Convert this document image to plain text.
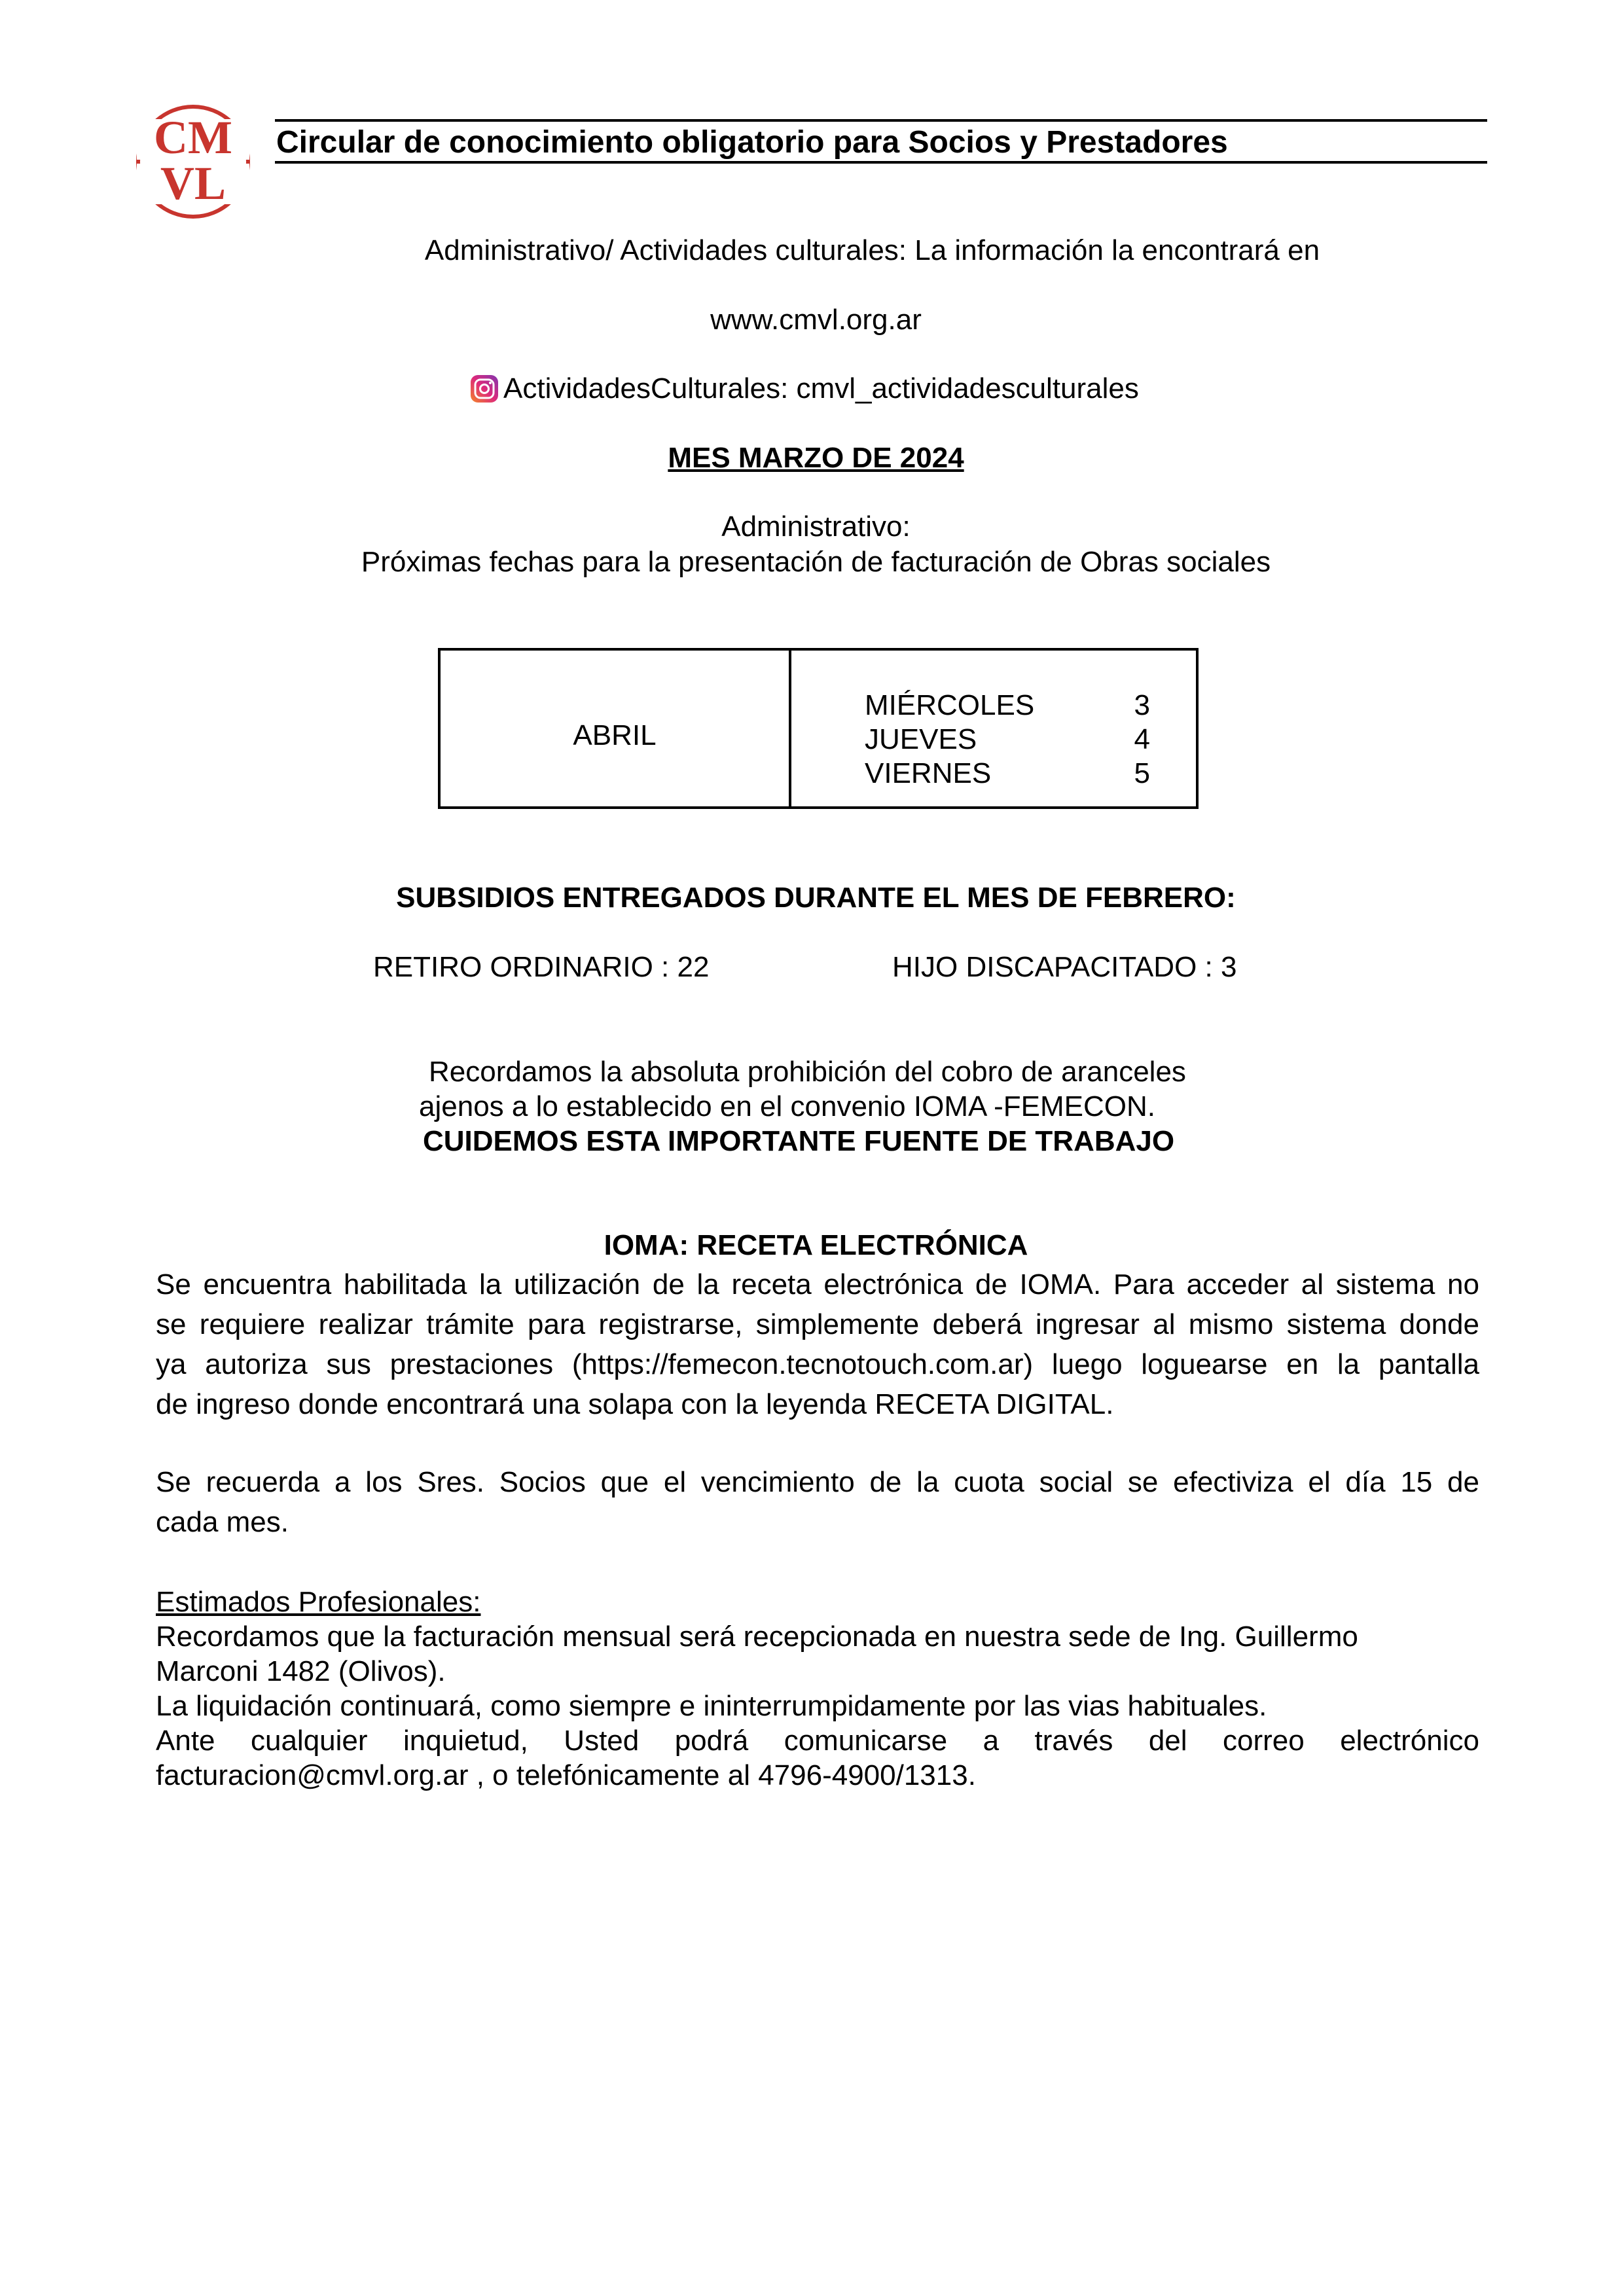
CM
VL
Circular de conocimiento obligatorio para Socios y Prestadores
Administrativo/ Actividades culturales: La información la encontrará en
www.cmvl.org.ar
ActividadesCulturales: cmvl_actividadesculturales
MES MARZO DE 2024
Administrativo:
Próximas fechas para la presentación de facturación de Obras sociales
ABRIL
MIÉRCOLES	3
JUEVES	4
VIERNES	5
SUBSIDIOS ENTREGADOS DURANTE EL MES DE FEBRERO:
RETIRO ORDINARIO : 22	HIJO DISCAPACITADO : 3
Recordamos la absoluta prohibición del cobro de aranceles
ajenos a lo establecido en el convenio IOMA -FEMECON.
CUIDEMOS ESTA IMPORTANTE FUENTE DE TRABAJO
IOMA: RECETA ELECTRÓNICA
Se encuentra habilitada la utilización de la receta electrónica de IOMA. Para acceder al sistema no
se requiere realizar trámite para registrarse, simplemente deberá ingresar al mismo sistema donde
ya autoriza sus prestaciones (https://femecon.tecnotouch.com.ar) luego loguearse en la pantalla
de ingreso donde encontrará una solapa con la leyenda RECETA DIGITAL.
Se recuerda a los Sres. Socios que el vencimiento de la cuota social se efectiviza el día 15 de
cada mes.
Estimados Profesionales:
Recordamos que la facturación mensual será recepcionada en nuestra sede de Ing. Guillermo
Marconi 1482 (Olivos).
La liquidación continuará, como siempre e ininterrumpidamente por las vias habituales.
Ante cualquier inquietud, Usted podrá comunicarse a través del correo electrónico
facturacion@cmvl.org.ar , o telefónicamente al 4796-4900/1313.
